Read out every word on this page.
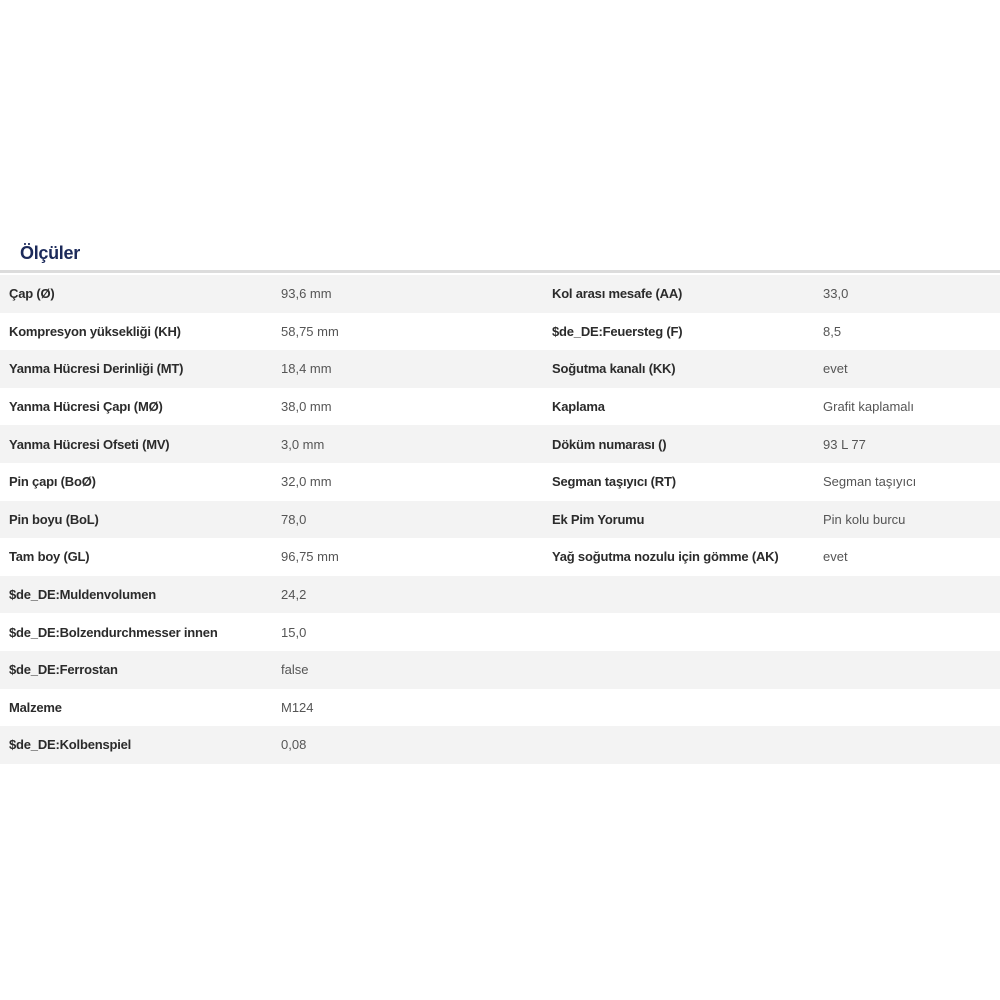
Ölçüler
Çap (Ø)	93,6 mm	Kol arası mesafe (AA)	33,0
Kompresyon yüksekliği (KH)	58,75 mm	$de_DE:Feuersteg (F)	8,5
Yanma Hücresi Derinliği (MT)	18,4 mm	Soğutma kanalı (KK)	evet
Yanma Hücresi Çapı (MØ)	38,0 mm	Kaplama	Grafit kaplamalı
Yanma Hücresi Ofseti (MV)	3,0 mm	Döküm numarası ()	93 L 77
Pin çapı (BoØ)	32,0 mm	Segman taşıyıcı (RT)	Segman taşıyıcı
Pin boyu (BoL)	78,0	Ek Pim Yorumu	Pin kolu burcu
Tam boy (GL)	96,75 mm	Yağ soğutma nozulu için gömme (AK)	evet
$de_DE:Muldenvolumen	24,2
$de_DE:Bolzendurchmesser innen	15,0
$de_DE:Ferrostan	false
Malzeme	M124
$de_DE:Kolbenspiel	0,08
